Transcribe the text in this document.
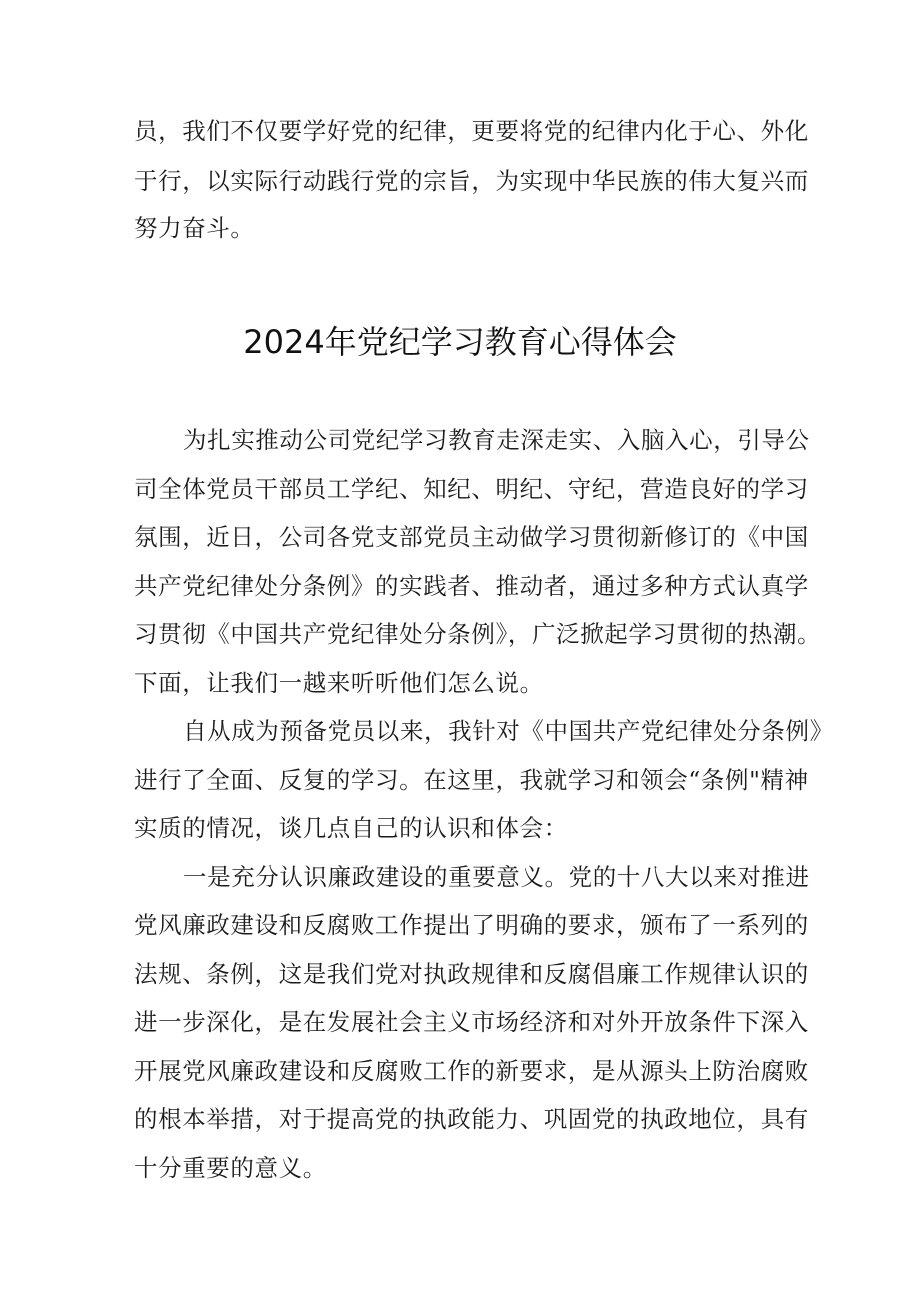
员，我们不仅要学好党的纪律，更要将党的纪律内化于心、外化
于行，以实际行动践行党的宗旨，为实现中华民族的伟大复兴而
努力奋斗。
2024年党纪学习教育心得体会
为扎实推动公司党纪学习教育走深走实、入脑入心，引导公
司全体党员干部员工学纪、知纪、明纪、守纪，营造良好的学习
氛围，近日，公司各党支部党员主动做学习贯彻新修订的《中国
共产党纪律处分条例》的实践者、推动者，通过多种方式认真学
习贯彻《中国共产党纪律处分条例》，广泛掀起学习贯彻的热潮。
下面，让我们一越来听听他们怎么说。
自从成为预备党员以来，我针对《中国共产党纪律处分条例》
进行了全面、反复的学习。在这里，我就学习和领会“条例"精神
实质的情况，谈几点自己的认识和体会：
一是充分认识廉政建设的重要意义。党的十八大以来对推进
党风廉政建设和反腐败工作提出了明确的要求，颁布了一系列的
法规、条例，这是我们党对执政规律和反腐倡廉工作规律认识的
进一步深化，是在发展社会主义市场经济和对外开放条件下深入
开展党风廉政建设和反腐败工作的新要求，是从源头上防治腐败
的根本举措，对于提高党的执政能力、巩固党的执政地位，具有
十分重要的意义。
